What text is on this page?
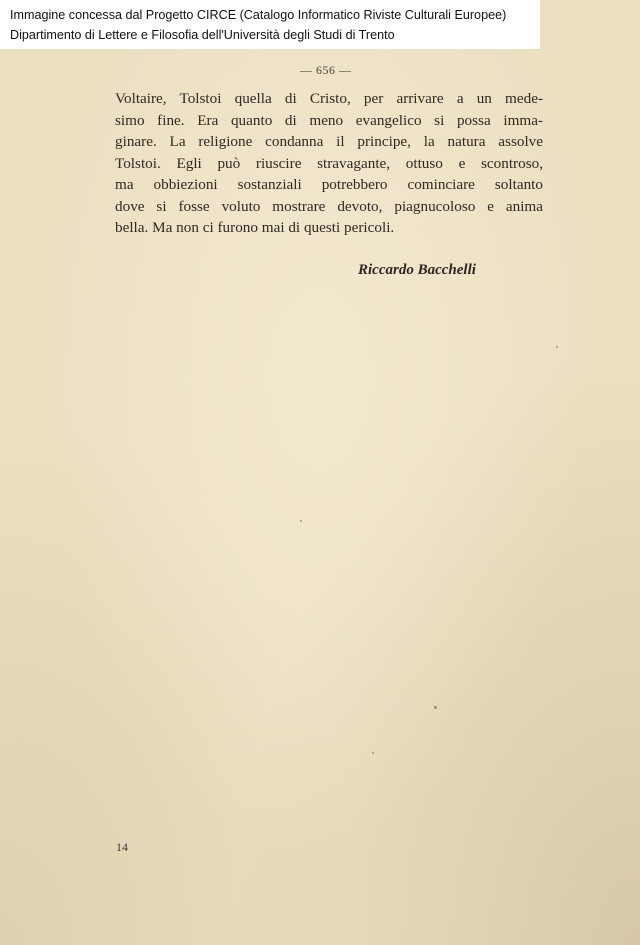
Immagine concessa dal Progetto CIRCE (Catalogo Informatico Riviste Culturali Europee)
Dipartimento di Lettere e Filosofia dell'Università degli Studi di Trento
— 656 —
Voltaire, Tolstoi quella di Cristo, per arrivare a un mede-
simo fine. Era quanto di meno evangelico si possa imma-
ginare. La religione condanna il principe, la natura assolve
Tolstoi. Egli può riuscire stravagante, ottuso e scontroso,
ma obbiezioni sostanziali potrebbero cominciare soltanto
dove si fosse voluto mostrare devoto, piagnucoloso e anima
bella. Ma non ci furono mai di questi pericoli.
Riccardo Bacchelli
14
